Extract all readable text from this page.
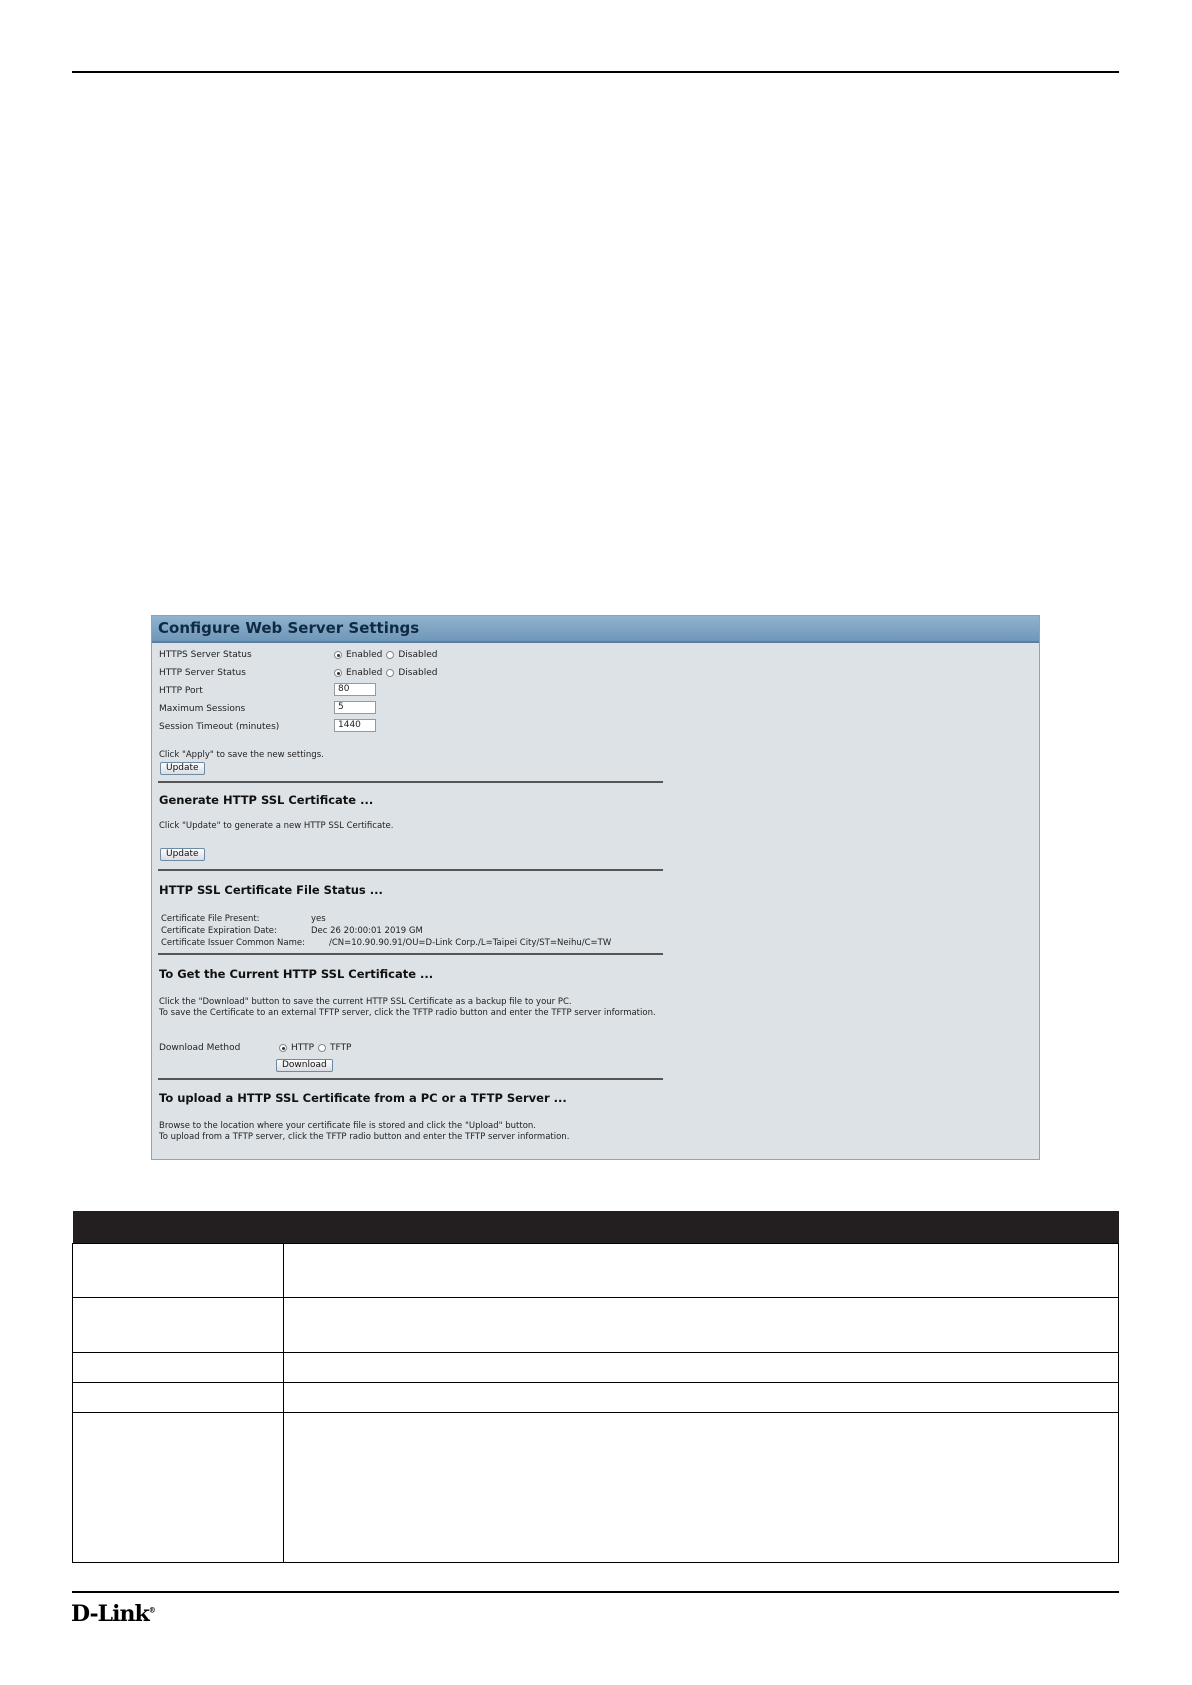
Configure Web Server Settings
HTTPS Server Status	Enabled Disabled
HTTP Server Status	Enabled Disabled
HTTP Port	80
Maximum Sessions	5
Session Timeout (minutes)	1440
Click "Apply" to save the new settings.
Update
Generate HTTP SSL Certificate ...
Click "Update" to generate a new HTTP SSL Certificate.
Update
HTTP SSL Certificate File Status ...
Certificate File Present:	yes
Certificate Expiration Date:	Dec 26 20:00:01 2019 GM
Certificate Issuer Common Name:	/CN=10.90.90.91/OU=D-Link Corp./L=Taipei City/ST=Neihu/C=TW
To Get the Current HTTP SSL Certificate ...
Click the "Download" button to save the current HTTP SSL Certificate as a backup file to your PC.
To save the Certificate to an external TFTP server, click the TFTP radio button and enter the TFTP server information.
Download Method	HTTP TFTP
Download
To upload a HTTP SSL Certificate from a PC or a TFTP Server ...
Browse to the location where your certificate file is stored and click the "Upload" button.
To upload from a TFTP server, click the TFTP radio button and enter the TFTP server information.

D-Link®
